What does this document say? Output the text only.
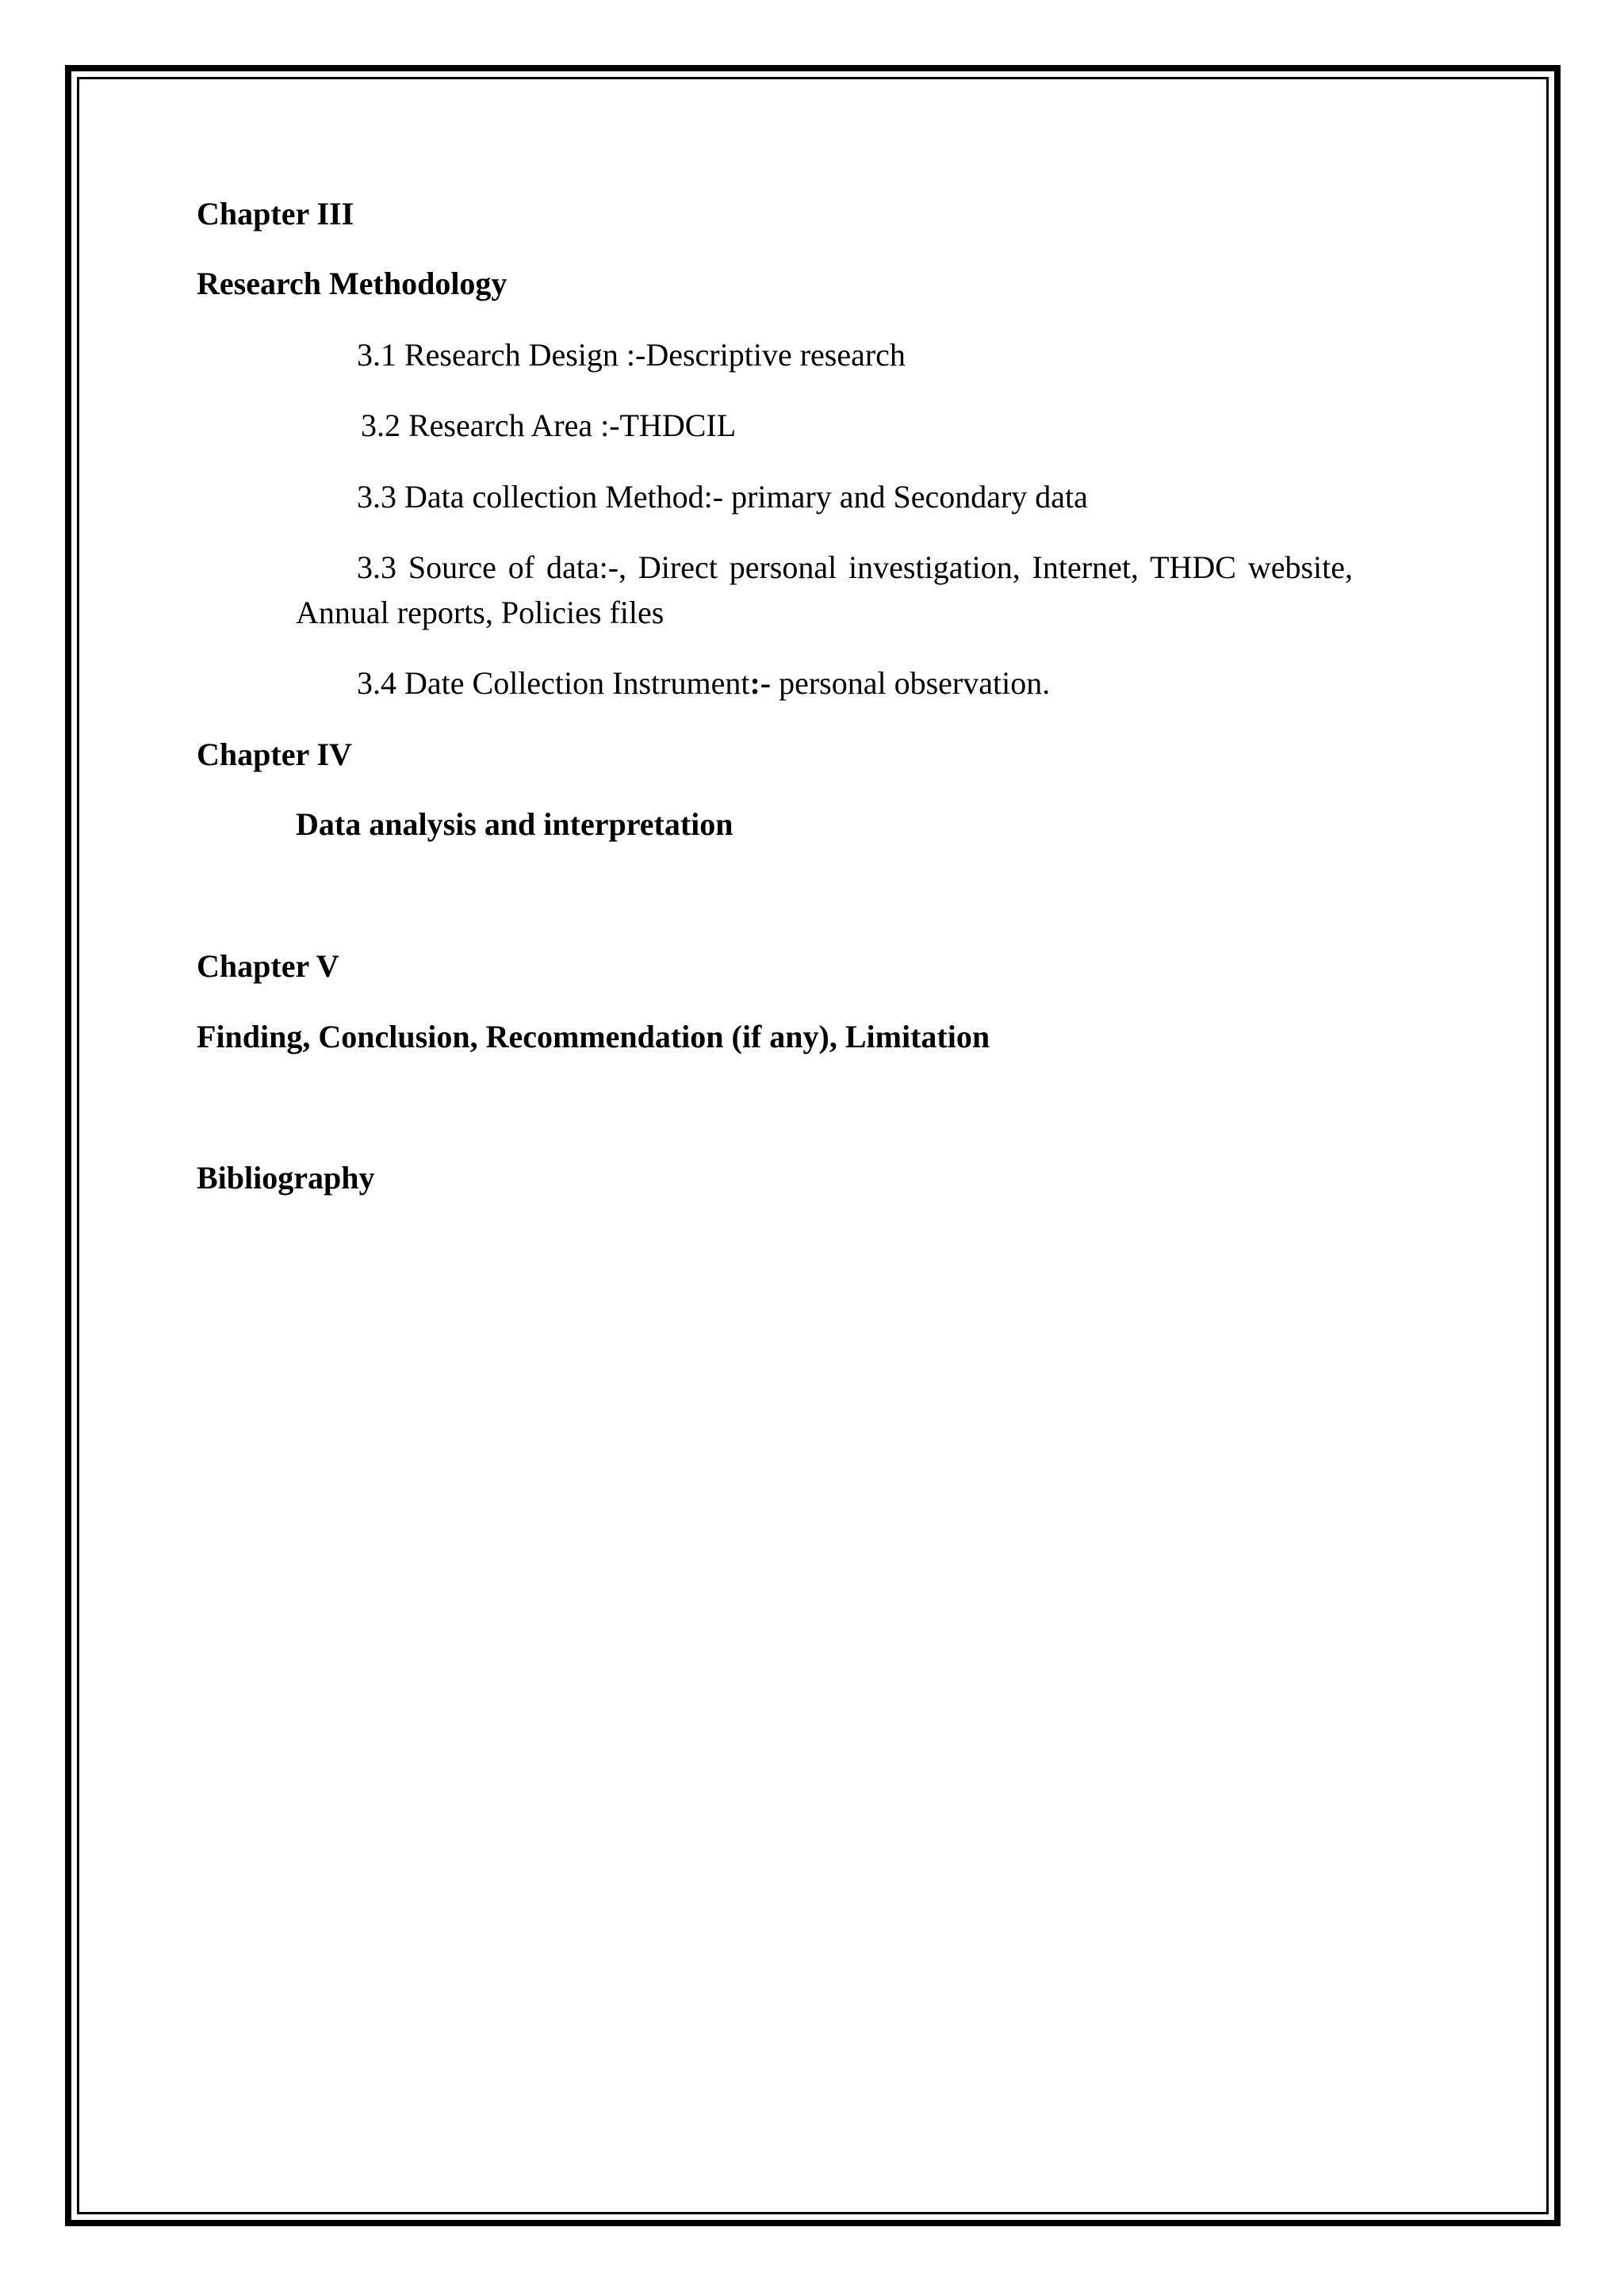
Chapter III
Research Methodology
3.1 Research Design :-Descriptive research
3.2 Research Area :-THDCIL
3.3 Data collection Method:- primary and Secondary data
3.3 Source of data:-, Direct personal investigation, Internet, THDC website,
Annual reports, Policies files
3.4 Date Collection Instrument:- personal observation.
Chapter IV
Data analysis and interpretation
Chapter V
Finding, Conclusion, Recommendation (if any), Limitation
Bibliography
